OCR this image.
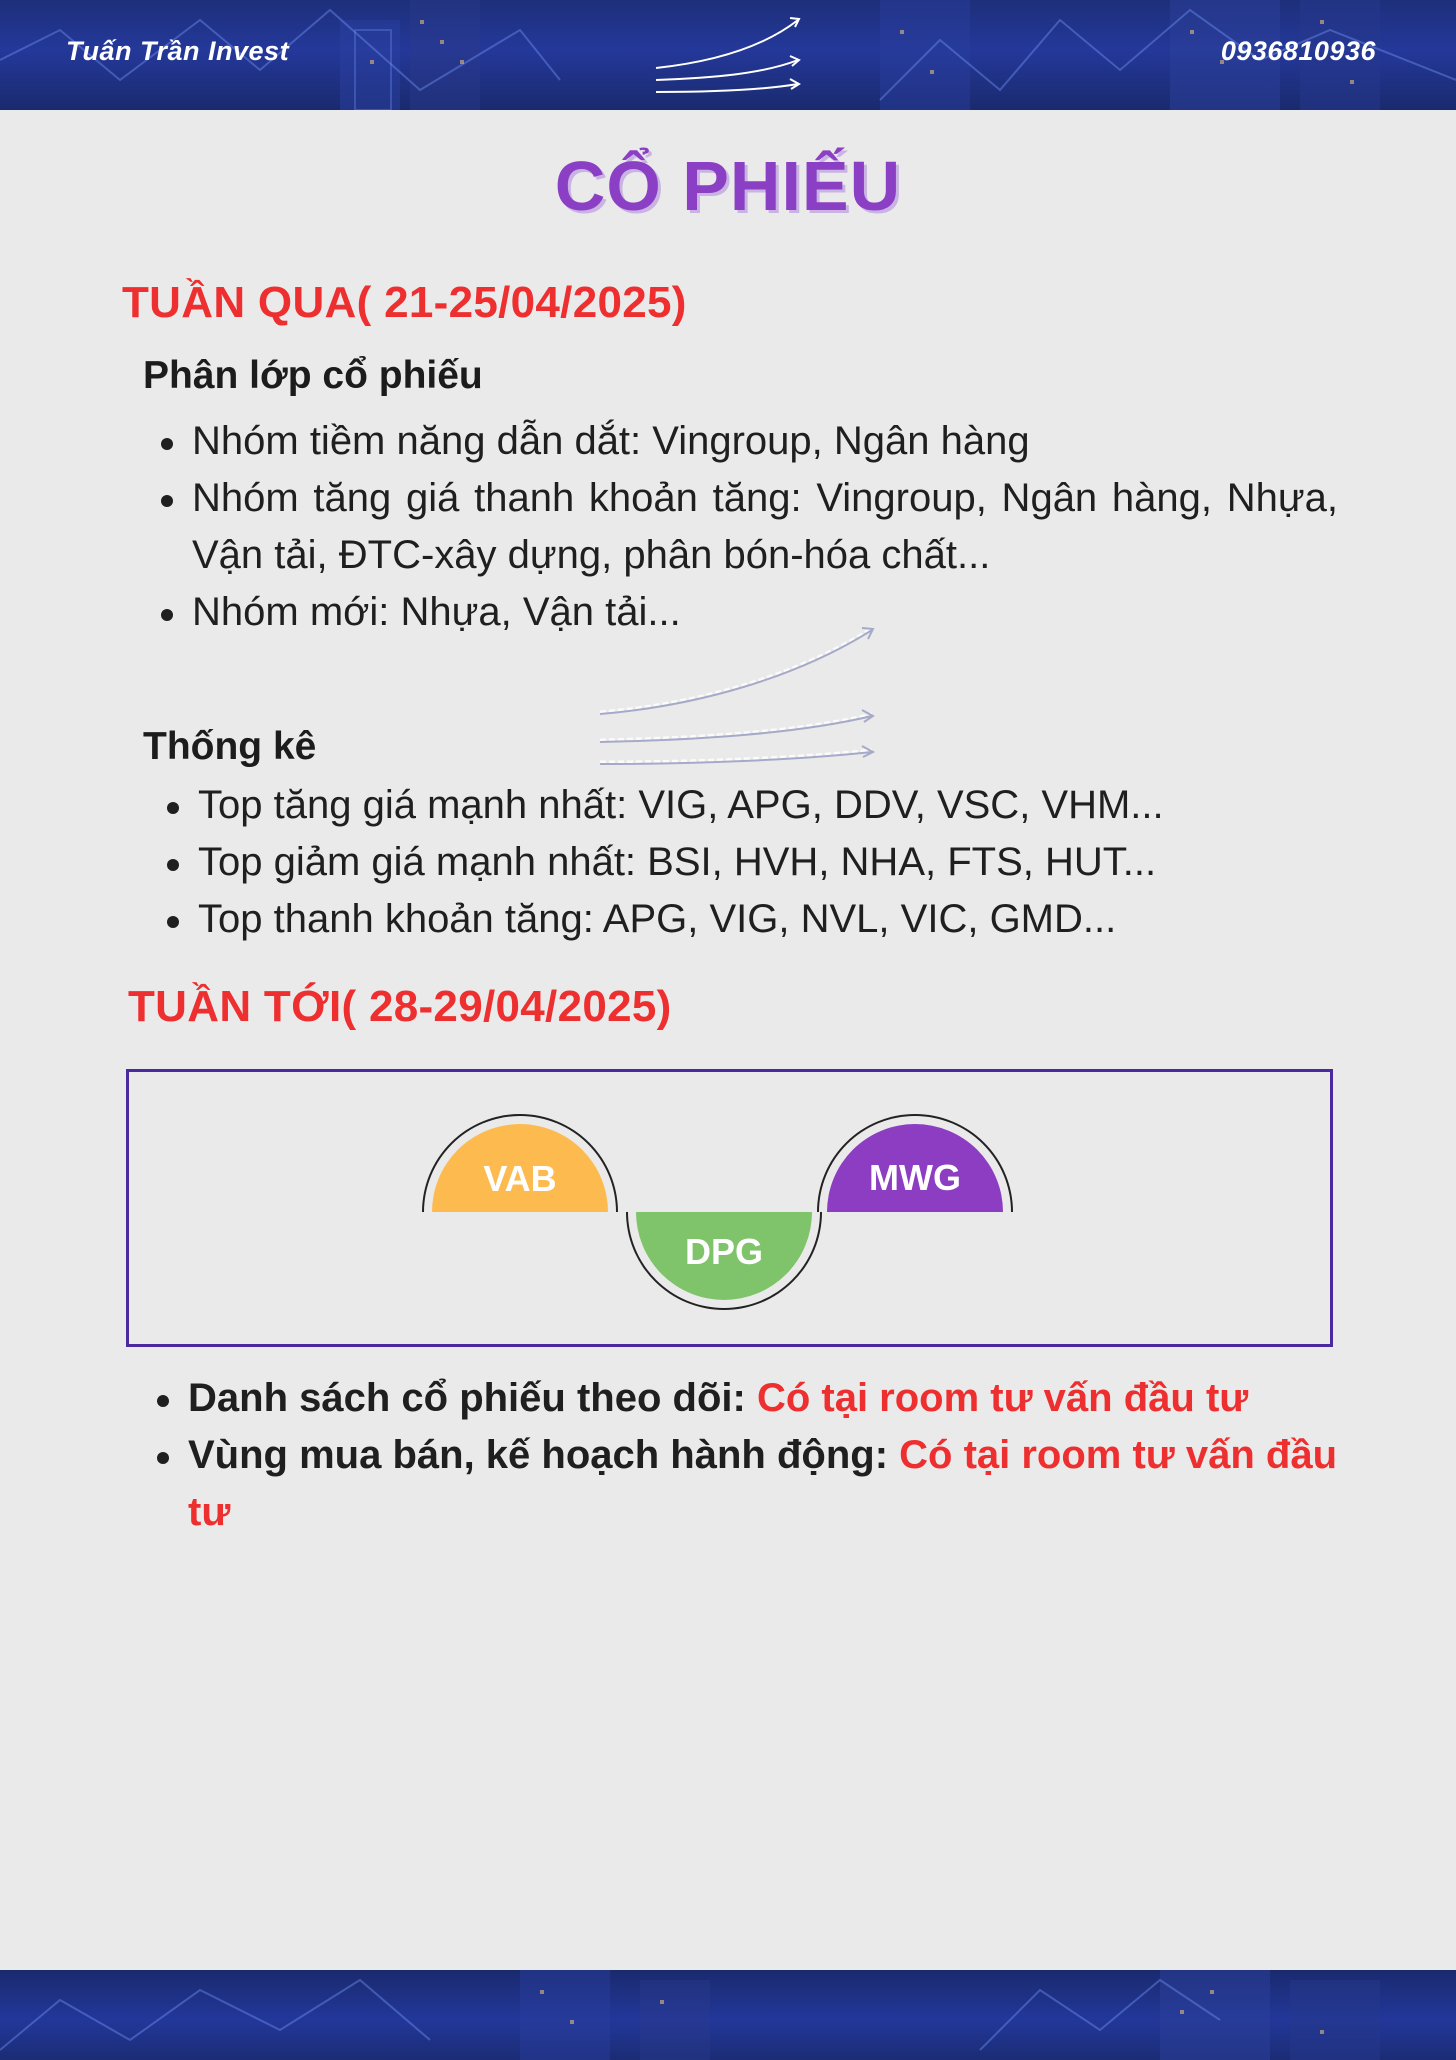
Tuấn Trần Invest	0936810936
CỔ PHIẾU
TUẦN QUA( 21-25/04/2025)
Phân lớp cổ phiếu
Nhóm tiềm năng dẫn dắt: Vingroup, Ngân hàng
Nhóm tăng giá thanh khoản tăng: Vingroup, Ngân hàng, Nhựa, Vận tải, ĐTC-xây dựng, phân bón-hóa chất...
Nhóm mới: Nhựa, Vận tải...
Thống kê
Top tăng giá mạnh nhất: VIG, APG, DDV, VSC, VHM...
Top giảm giá mạnh nhất: BSI, HVH, NHA, FTS, HUT...
Top thanh khoản tăng: APG, VIG, NVL, VIC, GMD...
TUẦN TỚI( 28-29/04/2025)
VAB
DPG
MWG
Danh sách cổ phiếu theo dõi: Có tại room tư vấn đầu tư
Vùng mua bán, kế hoạch hành động: Có tại room tư vấn đầu tư
